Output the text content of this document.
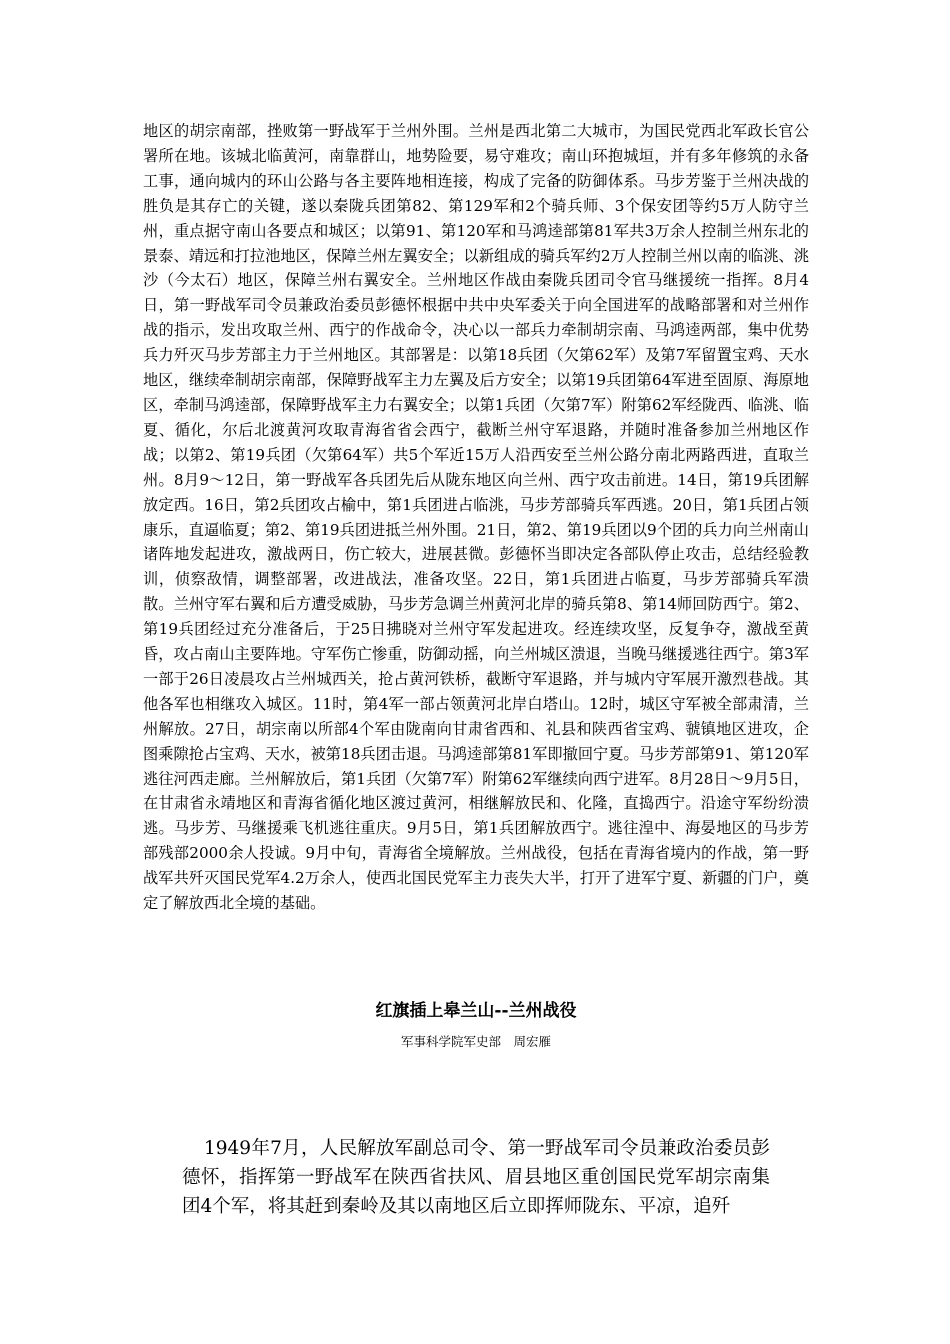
地区的胡宗南部，挫败第一野战军于兰州外围。兰州是西北第二大城市，为国民党西北军政长官公署所在地。该城北临黄河，南靠群山，地势险要，易守难攻；南山环抱城垣，并有多年修筑的永备工事，通向城内的环山公路与各主要阵地相连接，构成了完备的防御体系。马步芳鉴于兰州决战的胜负是其存亡的关键，遂以秦陇兵团第82、第129军和2个骑兵师、3个保安团等约5万人防守兰州，重点据守南山各要点和城区；以第91、第120军和马鸿逵部第81军共3万余人控制兰州东北的景泰、靖远和打拉池地区，保障兰州左翼安全；以新组成的骑兵军约2万人控制兰州以南的临洮、洮沙（今太石）地区，保障兰州右翼安全。兰州地区作战由秦陇兵团司令官马继援统一指挥。8月4日，第一野战军司令员兼政治委员彭德怀根据中共中央军委关于向全国进军的战略部署和对兰州作战的指示，发出攻取兰州、西宁的作战命令，决心以一部兵力牵制胡宗南、马鸿逵两部，集中优势兵力歼灭马步芳部主力于兰州地区。其部署是：以第18兵团（欠第62军）及第7军留置宝鸡、天水地区，继续牵制胡宗南部，保障野战军主力左翼及后方安全；以第19兵团第64军进至固原、海原地区，牵制马鸿逵部，保障野战军主力右翼安全；以第1兵团（欠第7军）附第62军经陇西、临洮、临夏、循化，尔后北渡黄河攻取青海省省会西宁，截断兰州守军退路，并随时准备参加兰州地区作战；以第2、第19兵团（欠第64军）共5个军近15万人沿西安至兰州公路分南北两路西进，直取兰州。8月9～12日，第一野战军各兵团先后从陇东地区向兰州、西宁攻击前进。14日，第19兵团解放定西。16日，第2兵团攻占榆中，第1兵团进占临洮，马步芳部骑兵军西逃。20日，第1兵团占领康乐，直逼临夏；第2、第19兵团进抵兰州外围。21日，第2、第19兵团以9个团的兵力向兰州南山诸阵地发起进攻，激战两日，伤亡较大，进展甚微。彭德怀当即决定各部队停止攻击，总结经验教训，侦察敌情，调整部署，改进战法，准备攻坚。22日，第1兵团进占临夏，马步芳部骑兵军溃散。兰州守军右翼和后方遭受威胁，马步芳急调兰州黄河北岸的骑兵第8、第14师回防西宁。第2、第19兵团经过充分准备后，于25日拂晓对兰州守军发起进攻。经连续攻坚，反复争夺，激战至黄昏，攻占南山主要阵地。守军伤亡惨重，防御动摇，向兰州城区溃退，当晚马继援逃往西宁。第3军一部于26日凌晨攻占兰州城西关，抢占黄河铁桥，截断守军退路，并与城内守军展开激烈巷战。其他各军也相继攻入城区。11时，第4军一部占领黄河北岸白塔山。12时，城区守军被全部肃清，兰州解放。27日，胡宗南以所部4个军由陇南向甘肃省西和、礼县和陕西省宝鸡、虢镇地区进攻，企图乘隙抢占宝鸡、天水，被第18兵团击退。马鸿逵部第81军即撤回宁夏。马步芳部第91、第120军逃往河西走廊。兰州解放后，第1兵团（欠第7军）附第62军继续向西宁进军。8月28日～9月5日，在甘肃省永靖地区和青海省循化地区渡过黄河，相继解放民和、化隆，直捣西宁。沿途守军纷纷溃逃。马步芳、马继援乘飞机逃往重庆。9月5日，第1兵团解放西宁。逃往湟中、海晏地区的马步芳部残部2000余人投诚。9月中旬，青海省全境解放。兰州战役，包括在青海省境内的作战，第一野战军共歼灭国民党军4.2万余人，使西北国民党军主力丧失大半，打开了进军宁夏、新疆的门户，奠定了解放西北全境的基础。

红旗插上皋兰山--兰州战役

军事科学院军史部　周宏雁

1949年7月，人民解放军副总司令、第一野战军司令员兼政治委员彭德怀，指挥第一野战军在陕西省扶风、眉县地区重创国民党军胡宗南集团4个军，将其赶到秦岭及其以南地区后立即挥师陇东、平凉，追歼
